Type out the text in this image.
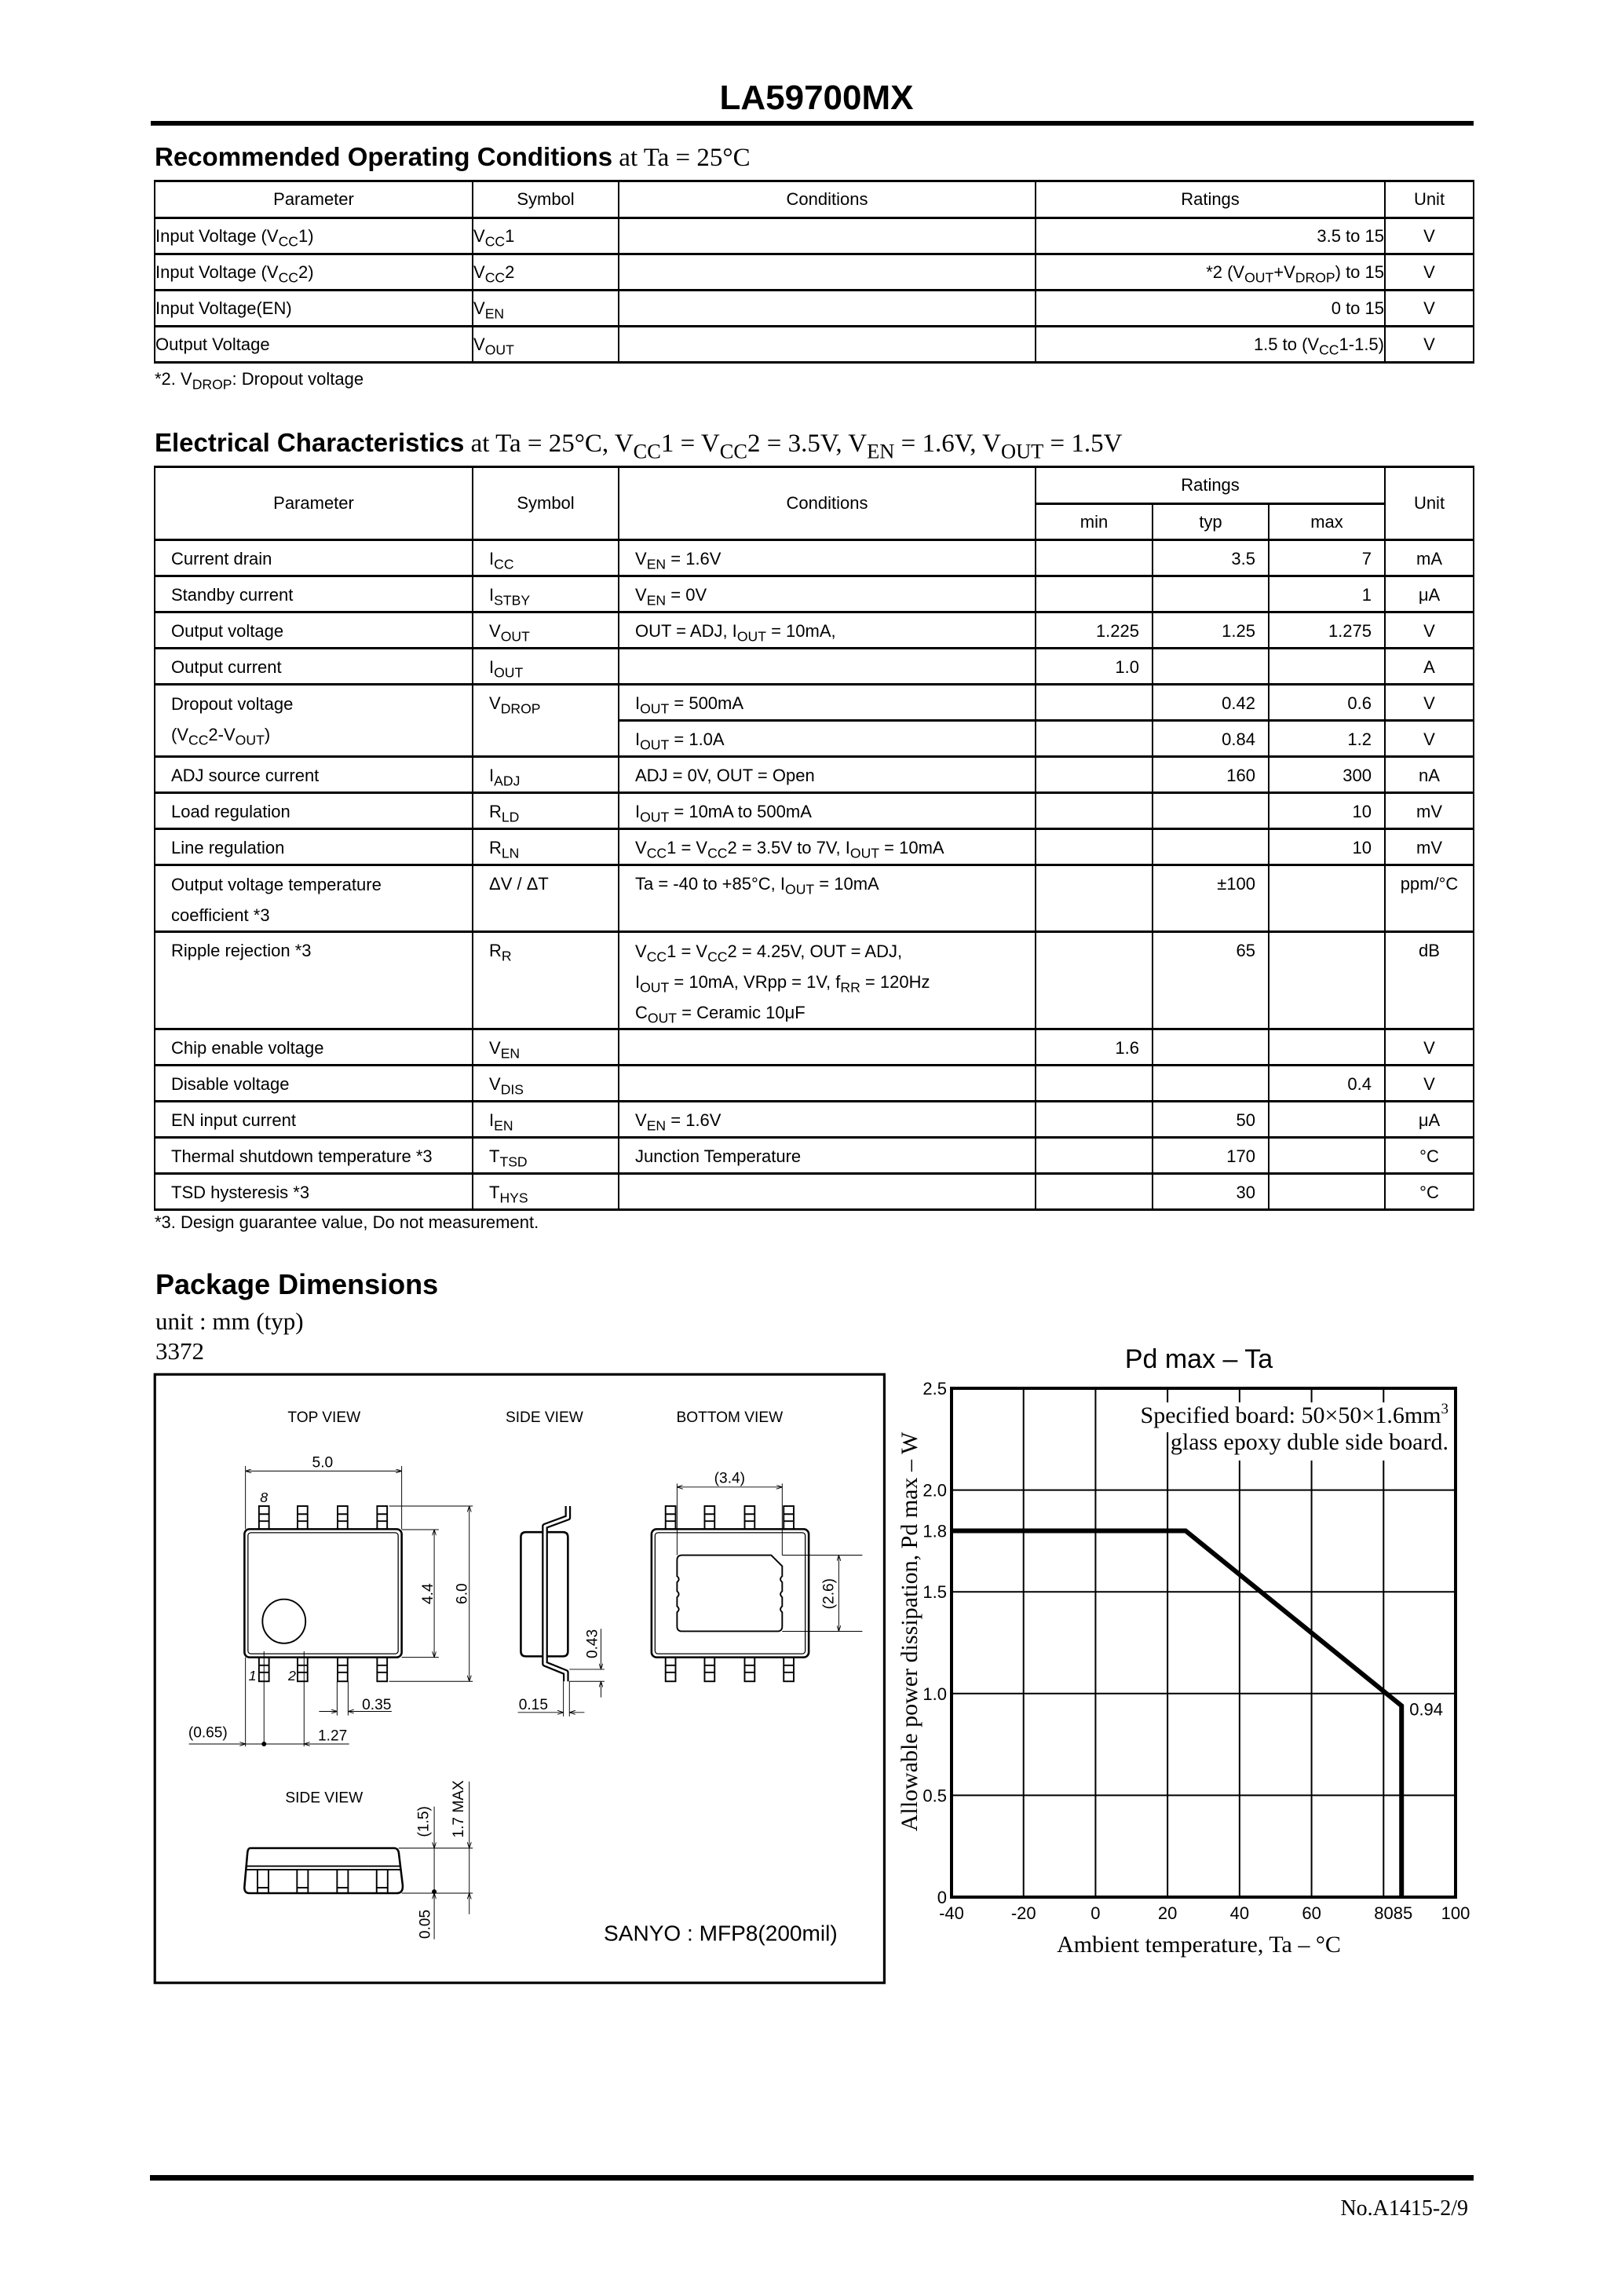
LA59700MX
Recommended Operating Conditions at Ta = 25°C
Parameter	Symbol	Conditions	Ratings	Unit
Input Voltage $(V_{CC}1)$	$V_{CC}1$		3.5 to 15	V
Input Voltage $(V_{CC}2)$	$V_{CC}2$		*2 $(V_{OUT}+V_{DROP})$ to 15	V
Input Voltage(EN)	$V_{EN}$		0 to 15	V
Output Voltage	$V_{OUT}$		1.5 to $(V_{CC}1-1.5)$	V
*2. $V_{DROP}$: Dropout voltage
Electrical Characteristics at Ta = 25°C, $V_{CC}1 = V_{CC}2 = 3.5V$, $V_{EN} = 1.6V$, $V_{OUT} = 1.5V$
Parameter	Symbol	Conditions	Ratings			Unit
			min	typ	max	
Current drain	$I_{CC}$	$V_{EN} = 1.6V$		3.5	7	mA
Standby current	$I_{STBY}$	$V_{EN} = 0V$			1	μA
Output voltage	$V_{OUT}$	OUT = ADJ, $I_{OUT} = 10mA$,	1.225	1.25	1.275	V
Output current	$I_{OUT}$		1.0			A

Dropout voltage
$(V_{CC}2-V_{OUT})$	$V_{DROP}$	$I_{OUT} = 500mA$		0.42	0.6	V
		$I_{OUT} = 1.0A$		0.84	1.2	V
ADJ source current	$I_{ADJ}$	ADJ = 0V, OUT = Open		160	300	nA
Load regulation	$R_{LD}$	$I_{OUT} = 10mA$ to 500mA			10	mV
Line regulation	$R_{LN}$	$V_{CC}1 = V_{CC}2 = 3.5V$ to 7V, $I_{OUT} = 10mA$			10	mV

Output voltage temperature
coefficient *3	ΔV / ΔT	Ta = -40 to +85°C, $I_{OUT} = 10mA$		±100		ppm/°C
Ripple rejection *3	$R_R$	$V_{CC}1 = V_{CC}2 = 4.25V$, OUT = ADJ,
$I_{OUT} = 10mA$, VRpp = 1V, $f_{RR} = 120Hz$
$C_{OUT}$ = Ceramic 10μF		65		dB
Chip enable voltage	$V_{EN}$		1.6			V
Disable voltage	$V_{DIS}$				0.4	V
EN input current	$I_{EN}$	$V_{EN} = 1.6V$		50		μA
Thermal shutdown temperature *3	$T_{TSD}$	Junction Temperature		170		°C
TSD hysteresis *3	$T_{HYS}$			30		°C
*3. Design guarantee value, Do not measurement.
Package Dimensions
unit : mm (typ)
3372
TOP VIEW	SIDE VIEW	BOTTOM VIEW
5.0
8
1 2
4.4 6.0
0.35
(0.65)	1.27
0.15
0.43
(3.4)
(2.6)
SIDE VIEW
(1.5) 1.7 MAX
0.05	SANYO : MFP8(200mil)
Specified board: $50\times 50\times 1.6mm^3$
glass epoxy duble side board.
Pd max – Ta
-40	-20	0	20	40	60	80 85 100
0
0.5
1.0
1.5
1.8
2.0
2.5
0.94
Ambient temperature, Ta – °C
Allowable power dissipation, Pd max – W
No.A1415-2/9
